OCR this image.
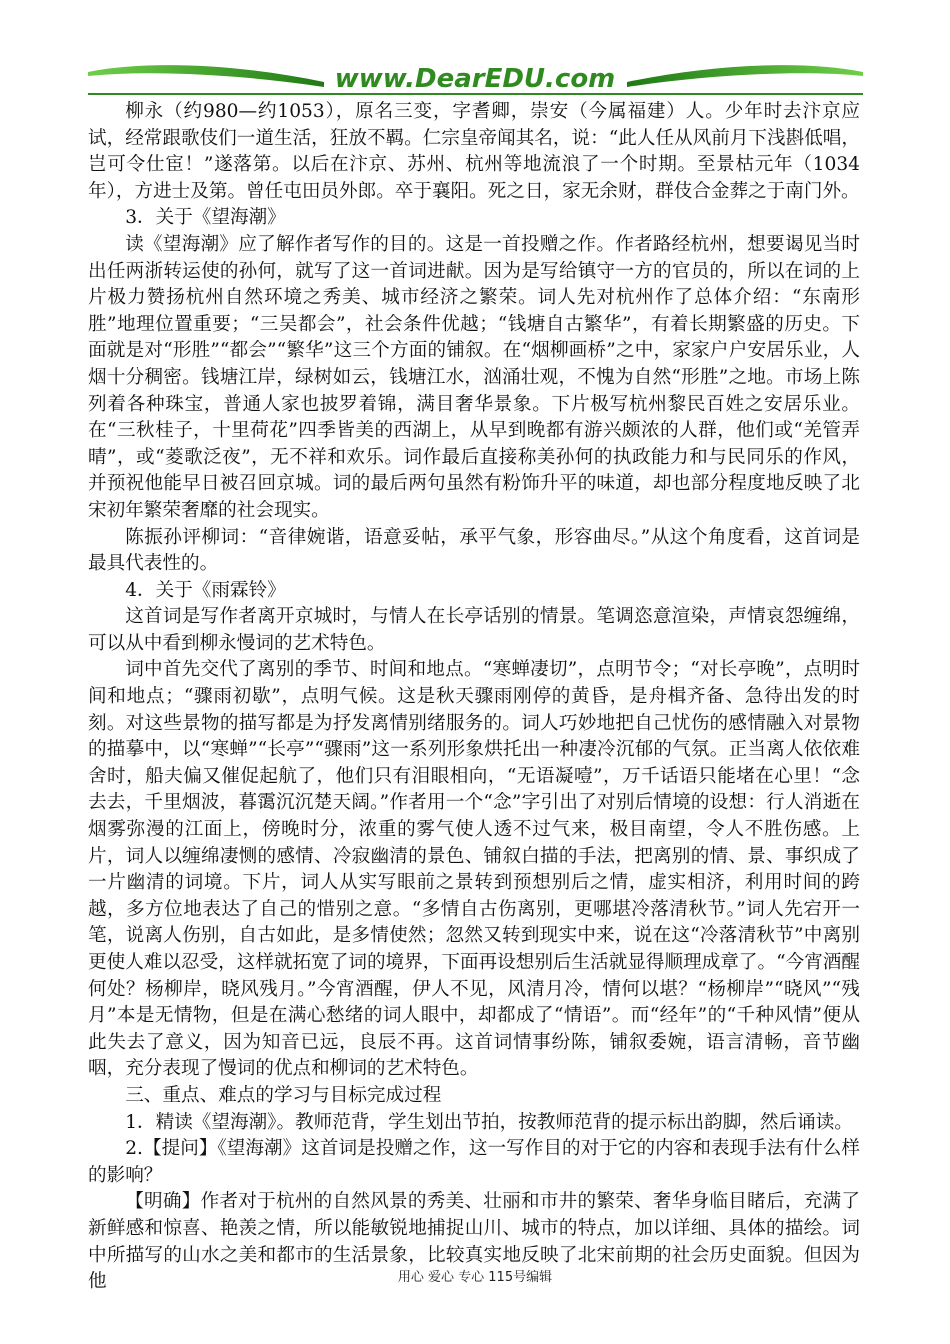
www.DearEDU.com

柳永（约980—约1053），原名三变，字耆卿，崇安（今属福建）人。少年时去汴京应试，经常跟歌伎们一道生活，狂放不羁。仁宗皇帝闻其名，说：“此人任从风前月下浅斟低唱，岂可令仕宦！”遂落第。以后在汴京、苏州、杭州等地流浪了一个时期。至景枯元年（1034年），方进士及第。曾任屯田员外郎。卒于襄阳。死之日，家无余财，群伎合金葬之于南门外。

3．关于《望海潮》

读《望海潮》应了解作者写作的目的。这是一首投赠之作。作者路经杭州，想要谒见当时出任两浙转运使的孙何，就写了这一首词进献。因为是写给镇守一方的官员的，所以在词的上片极力赞扬杭州自然环境之秀美、城市经济之繁荣。词人先对杭州作了总体介绍：“东南形胜”地理位置重要；“三吴都会”，社会条件优越；“钱塘自古繁华”，有着长期繁盛的历史。下面就是对“形胜”“都会”“繁华”这三个方面的铺叙。在“烟柳画桥”之中，家家户户安居乐业，人烟十分稠密。钱塘江岸，绿树如云，钱塘江水，汹涌壮观，不愧为自然“形胜”之地。市场上陈列着各种珠宝，普通人家也披罗着锦，满目奢华景象。下片极写杭州黎民百姓之安居乐业。在“三秋桂子，十里荷花”四季皆美的西湖上，从早到晚都有游兴颇浓的人群，他们或“羌管弄晴”，或“菱歌泛夜”，无不祥和欢乐。词作最后直接称美孙何的执政能力和与民同乐的作风，并预祝他能早日被召回京城。词的最后两句虽然有粉饰升平的味道，却也部分程度地反映了北宋初年繁荣奢靡的社会现实。

陈振孙评柳词：“音律婉谐，语意妥帖，承平气象，形容曲尽。”从这个角度看，这首词是最具代表性的。

4．关于《雨霖铃》

这首词是写作者离开京城时，与情人在长亭话别的情景。笔调恣意渲染，声情哀怨缠绵，可以从中看到柳永慢词的艺术特色。

词中首先交代了离别的季节、时间和地点。“寒蝉凄切”，点明节令；“对长亭晚”，点明时间和地点；“骤雨初歇”，点明气候。这是秋天骤雨刚停的黄昏，是舟楫齐备、急待出发的时刻。对这些景物的描写都是为抒发离情别绪服务的。词人巧妙地把自己忧伤的感情融入对景物的描摹中，以“寒蝉”“长亭”“骤雨”这一系列形象烘托出一种凄冷沉郁的气氛。正当离人依依难舍时，船夫偏又催促起航了，他们只有泪眼相向，“无语凝噎”，万千话语只能堵在心里！“念去去，千里烟波，暮霭沉沉楚天阔。”作者用一个“念”字引出了对别后情境的设想：行人消逝在烟雾弥漫的江面上，傍晚时分，浓重的雾气使人透不过气来，极目南望，令人不胜伤感。上片，词人以缠绵凄恻的感情、冷寂幽清的景色、铺叙白描的手法，把离别的情、景、事织成了一片幽清的词境。下片，词人从实写眼前之景转到预想别后之情，虚实相济，利用时间的跨越，多方位地表达了自己的惜别之意。“多情自古伤离别，更哪堪冷落清秋节。”词人先宕开一笔，说离人伤别，自古如此，是多情使然；忽然又转到现实中来，说在这“冷落清秋节”中离别更使人难以忍受，这样就拓宽了词的境界，下面再设想别后生活就显得顺理成章了。“今宵酒醒何处？杨柳岸，晓风残月。”今宵酒醒，伊人不见，风清月冷，情何以堪？“杨柳岸”“晓风”“残月”本是无情物，但是在满心愁绪的词人眼中，却都成了“情语”。而“经年”的“千种风情”便从此失去了意义，因为知音已远，良辰不再。这首词情事纷陈，铺叙委婉，语言清畅，音节幽咽，充分表现了慢词的优点和柳词的艺术特色。

三、重点、难点的学习与目标完成过程

1．精读《望海潮》。教师范背，学生划出节拍，按教师范背的提示标出韵脚，然后诵读。

2.【提问】《望海潮》这首词是投赠之作，这一写作目的对于它的内容和表现手法有什么样的影响？

【明确】作者对于杭州的自然风景的秀美、壮丽和市井的繁荣、奢华身临目睹后，充满了新鲜感和惊喜、艳羡之情，所以能敏锐地捕捉山川、城市的特点，加以详细、具体的描绘。词中所描写的山水之美和都市的生活景象，比较真实地反映了北宋前期的社会历史面貌。但因为他	用心 爱心 专心 115号编辑
